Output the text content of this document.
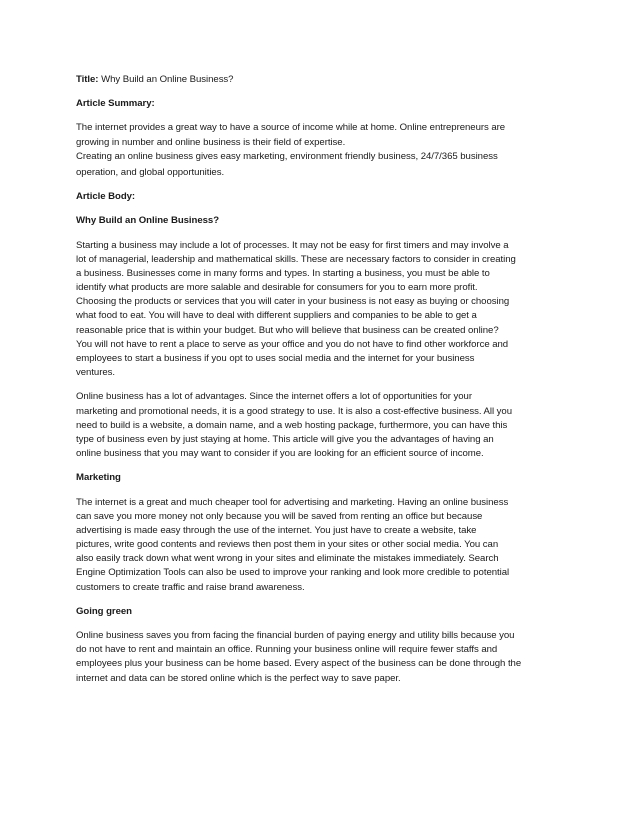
Title: Why Build an Online Business?
Article Summary:
The internet provides a great way to have a source of income while at home. Online entrepreneurs are
growing in number and online business is their field of expertise.
Creating an online business gives easy marketing, environment friendly business, 24/7/365 business
operation, and global opportunities.
Article Body:
Why Build an Online Business?
Starting a business may include a lot of processes. It may not be easy for first timers and may involve a
lot of managerial, leadership and mathematical skills. These are necessary factors to consider in creating
a business. Businesses come in many forms and types. In starting a business, you must be able to
identify what products are more salable and desirable for consumers for you to earn more profit.
Choosing the products or services that you will cater in your business is not easy as buying or choosing
what food to eat. You will have to deal with different suppliers and companies to be able to get a
reasonable price that is within your budget. But who will believe that business can be created online?
You will not have to rent a place to serve as your office and you do not have to find other workforce and
employees to start a business if you opt to uses social media and the internet for your business
ventures.
Online business has a lot of advantages. Since the internet offers a lot of opportunities for your
marketing and promotional needs, it is a good strategy to use. It is also a cost-effective business. All you
need to build is a website, a domain name, and a web hosting package, furthermore, you can have this
type of business even by just staying at home. This article will give you the advantages of having an
online business that you may want to consider if you are looking for an efficient source of income.
Marketing
The internet is a great and much cheaper tool for advertising and marketing. Having an online business
can save you more money not only because you will be saved from renting an office but because
advertising is made easy through the use of the internet. You just have to create a website, take
pictures, write good contents and reviews then post them in your sites or other social media. You can
also easily track down what went wrong in your sites and eliminate the mistakes immediately. Search
Engine Optimization Tools can also be used to improve your ranking and look more credible to potential
customers to create traffic and raise brand awareness.
Going green
Online business saves you from facing the financial burden of paying energy and utility bills because you
do not have to rent and maintain an office. Running your business online will require fewer staffs and
employees plus your business can be home based. Every aspect of the business can be done through the
internet and data can be stored online which is the perfect way to save paper.
